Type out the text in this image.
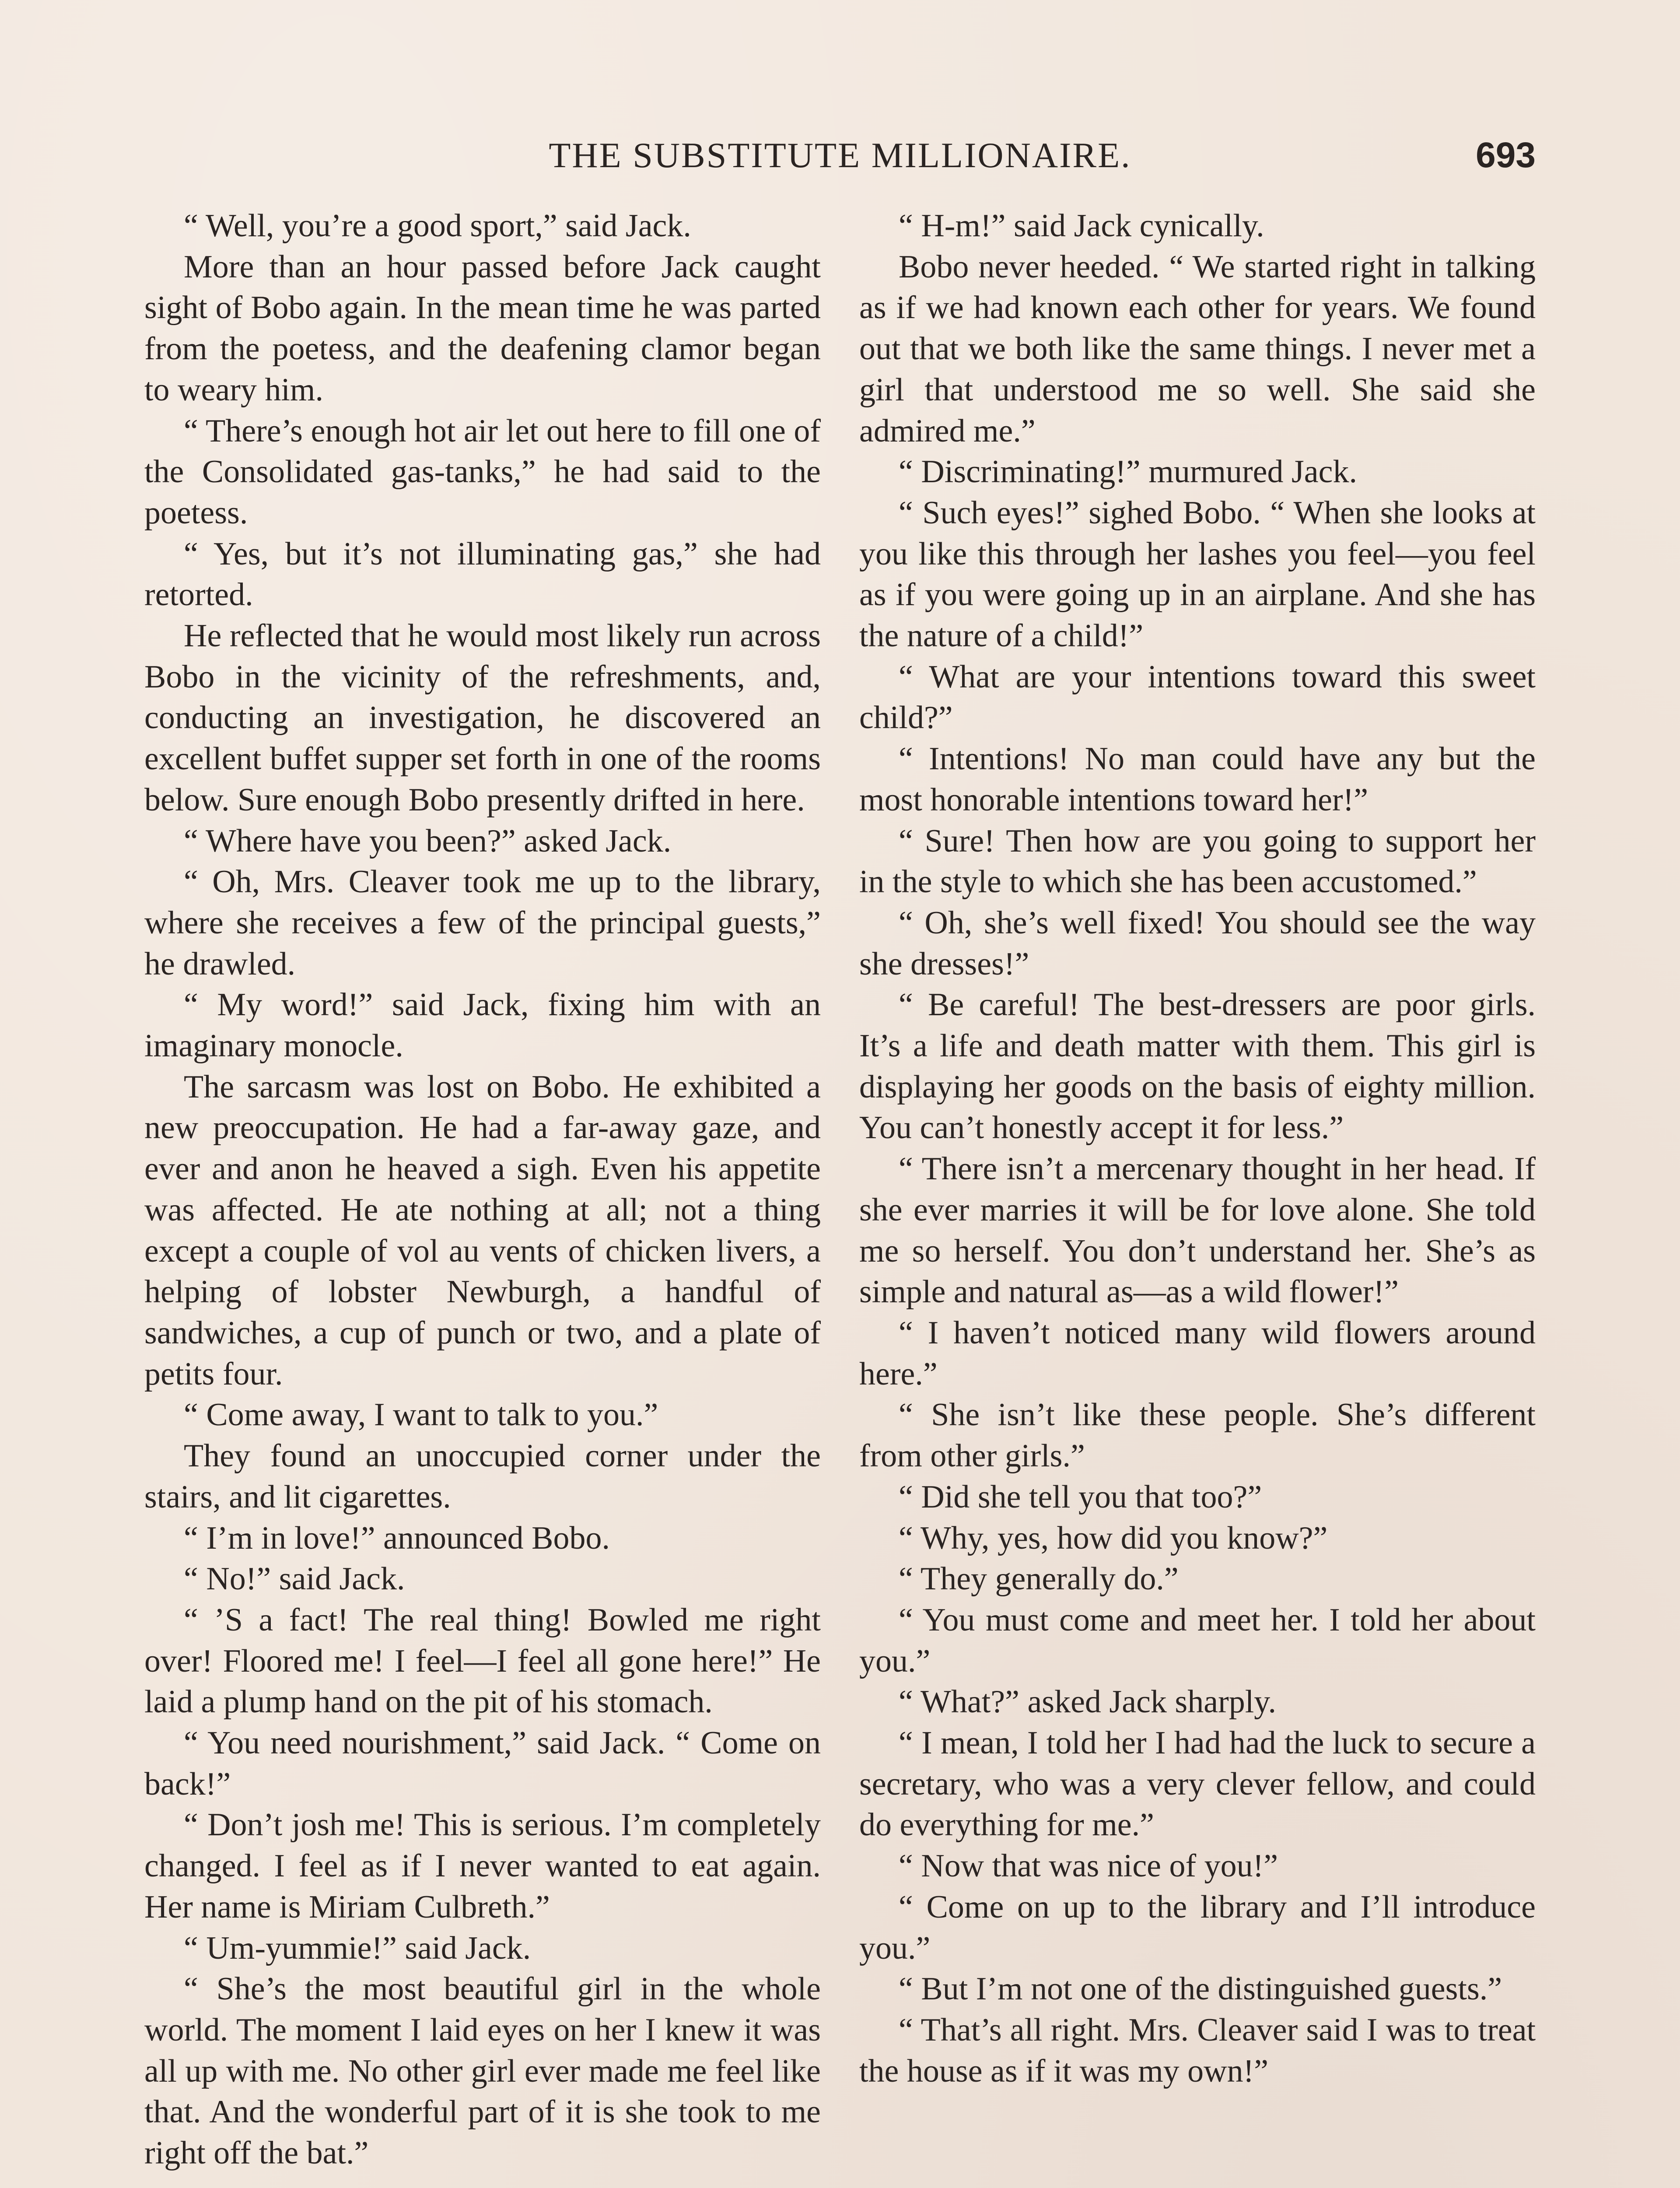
THE SUBSTITUTE MILLIONAIRE.	693

“ Well, you’re a good sport,” said Jack.

More than an hour passed before Jack caught sight of Bobo again. In the mean time he was parted from the poetess, and the deafening clamor began to weary him.

“ There’s enough hot air let out here to fill one of the Consolidated gas-tanks,” he had said to the poetess.

“ Yes, but it’s not illuminating gas,” she had retorted.

He reflected that he would most likely run across Bobo in the vicinity of the refreshments, and, conducting an investigation, he discovered an excellent buffet supper set forth in one of the rooms below. Sure enough Bobo presently drifted in here.

“ Where have you been?” asked Jack.

“ Oh, Mrs. Cleaver took me up to the library, where she receives a few of the principal guests,” he drawled.

“ My word!” said Jack, fixing him with an imaginary monocle.

The sarcasm was lost on Bobo. He exhibited a new preoccupation. He had a far-away gaze, and ever and anon he heaved a sigh. Even his appetite was affected. He ate nothing at all; not a thing except a couple of vol au vents of chicken livers, a helping of lobster Newburgh, a handful of sandwiches, a cup of punch or two, and a plate of petits four.

“ Come away, I want to talk to you.”

They found an unoccupied corner under the stairs, and lit cigarettes.

“ I’m in love!” announced Bobo.

“ No!” said Jack.

“ ’S a fact! The real thing! Bowled me right over! Floored me! I feel—I feel all gone here!” He laid a plump hand on the pit of his stomach.

“ You need nourishment,” said Jack. “ Come on back!”

“ Don’t josh me! This is serious. I’m completely changed. I feel as if I never wanted to eat again. Her name is Miriam Culbreth.”

“ Um-yummie!” said Jack.

“ She’s the most beautiful girl in the whole world. The moment I laid eyes on her I knew it was all up with me. No other girl ever made me feel like that. And the wonderful part of it is she took to me right off the bat.”

“ H-m!” said Jack cynically.

Bobo never heeded. “ We started right in talking as if we had known each other for years. We found out that we both like the same things. I never met a girl that understood me so well. She said she admired me.”

“ Discriminating!” murmured Jack.

“ Such eyes!” sighed Bobo. “ When she looks at you like this through her lashes you feel—you feel as if you were going up in an airplane. And she has the nature of a child!”

“ What are your intentions toward this sweet child?”

“ Intentions! No man could have any but the most honorable intentions toward her!”

“ Sure! Then how are you going to support her in the style to which she has been accustomed.”

“ Oh, she’s well fixed! You should see the way she dresses!”

“ Be careful! The best-dressers are poor girls. It’s a life and death matter with them. This girl is displaying her goods on the basis of eighty million. You can’t honestly accept it for less.”

“ There isn’t a mercenary thought in her head. If she ever marries it will be for love alone. She told me so herself. You don’t understand her. She’s as simple and natural as—as a wild flower!”

“ I haven’t noticed many wild flowers around here.”

“ She isn’t like these people. She’s different from other girls.”

“ Did she tell you that too?”

“ Why, yes, how did you know?”

“ They generally do.”

“ You must come and meet her. I told her about you.”

“ What?” asked Jack sharply.

“ I mean, I told her I had had the luck to secure a secretary, who was a very clever fellow, and could do everything for me.”

“ Now that was nice of you!”

“ Come on up to the library and I’ll introduce you.”

“ But I’m not one of the distinguished guests.”

“ That’s all right. Mrs. Cleaver said I was to treat the house as if it was my own!”
